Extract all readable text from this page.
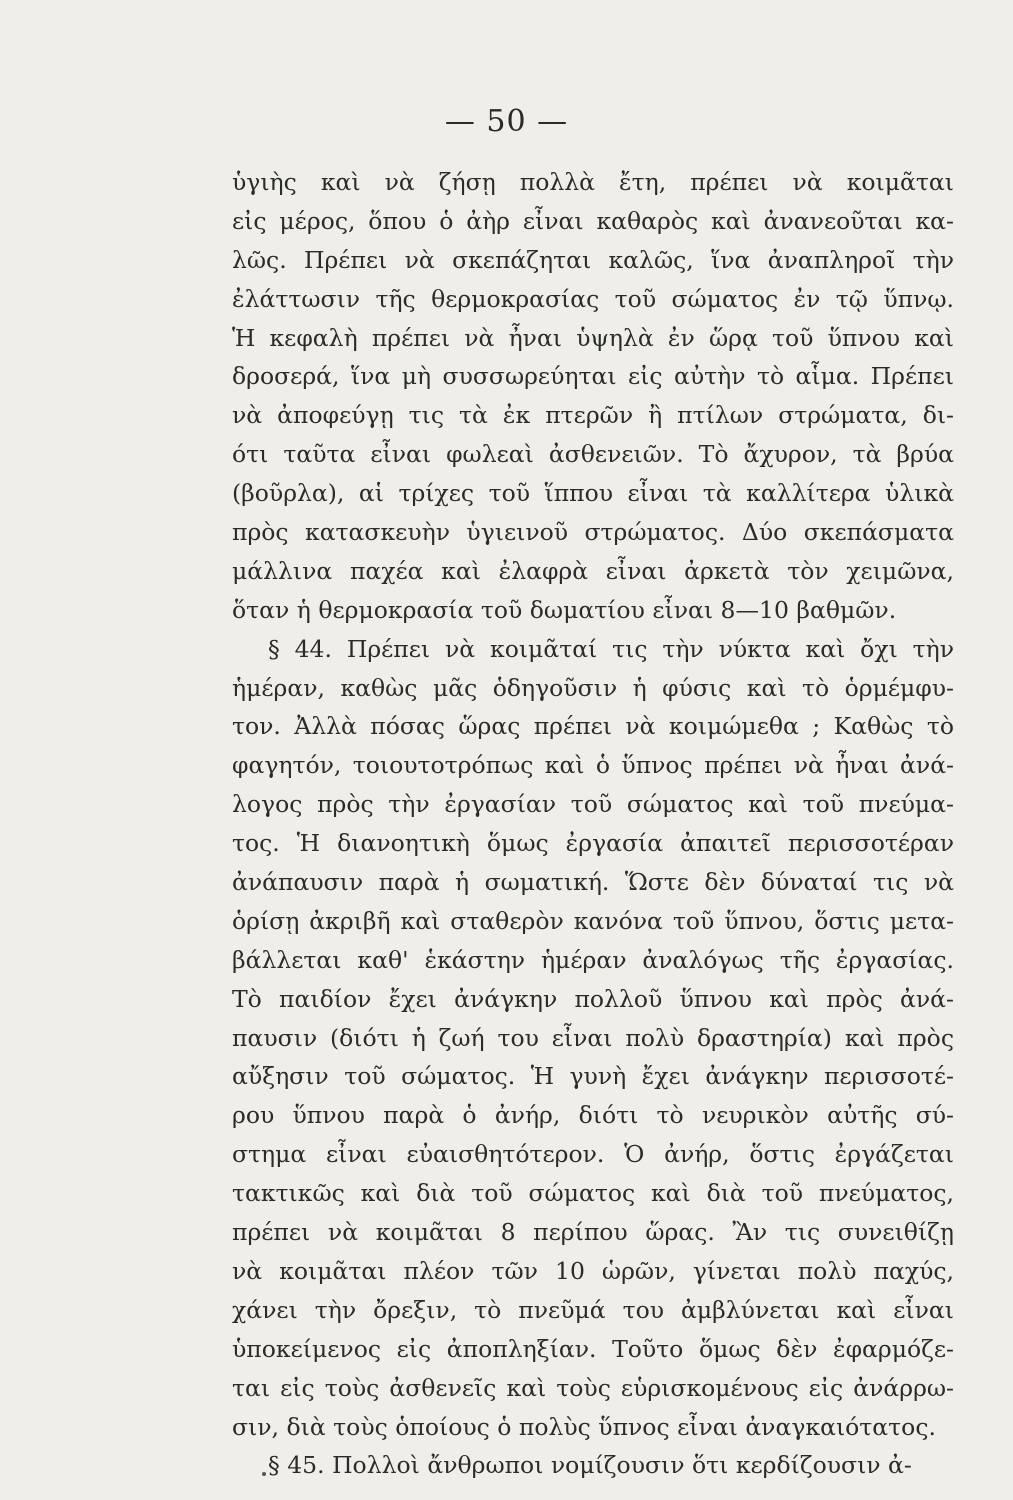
— 50 —
ὑγιὴς καὶ νὰ ζήσῃ πολλὰ ἔτη, πρέπει νὰ κοιμᾶται
εἰς μέρος, ὅπου ὁ ἀὴρ εἶναι καθαρὸς καὶ ἀνανεοῦται κα-
λῶς. Πρέπει νὰ σκεπάζηται καλῶς, ἵνα ἀναπληροῖ τὴν
ἐλάττωσιν τῆς θερμοκρασίας τοῦ σώματος ἐν τῷ ὕπνῳ.
Ἡ κεφαλὴ πρέπει νὰ ἦναι ὑψηλὰ ἐν ὥρᾳ τοῦ ὕπνου καὶ
δροσερά, ἵνα μὴ συσσωρεύηται εἰς αὐτὴν τὸ αἷμα. Πρέπει
νὰ ἀποφεύγῃ τις τὰ ἐκ πτερῶν ἢ πτίλων στρώματα, δι-
ότι ταῦτα εἶναι φωλεαὶ ἀσθενειῶν. Τὸ ἄχυρον, τὰ βρύα
(βοῦρλα), αἱ τρίχες τοῦ ἵππου εἶναι τὰ καλλίτερα ὑλικὰ
πρὸς κατασκευὴν ὑγιεινοῦ στρώματος. Δύο σκεπάσματα
μάλλινα παχέα καὶ ἐλαφρὰ εἶναι ἀρκετὰ τὸν χειμῶνα,
ὅταν ἡ θερμοκρασία τοῦ δωματίου εἶναι 8—10 βαθμῶν.
§ 44. Πρέπει νὰ κοιμᾶταί τις τὴν νύκτα καὶ ὄχι τὴν
ἡμέραν, καθὼς μᾶς ὁδηγοῦσιν ἡ φύσις καὶ τὸ ὁρμέμφυ-
τον. Ἀλλὰ πόσας ὥρας πρέπει νὰ κοιμώμεθα ; Καθὼς τὸ
φαγητόν, τοιουτοτρόπως καὶ ὁ ὕπνος πρέπει νὰ ἦναι ἀνά-
λογος πρὸς τὴν ἐργασίαν τοῦ σώματος καὶ τοῦ πνεύμα-
τος. Ἡ διανοητικὴ ὅμως ἐργασία ἀπαιτεῖ περισσοτέραν
ἀνάπαυσιν παρὰ ἡ σωματική. Ὥστε δὲν δύναταί τις νὰ
ὁρίσῃ ἀκριβῆ καὶ σταθερὸν κανόνα τοῦ ὕπνου, ὅστις μετα-
βάλλεται καθ' ἑκάστην ἡμέραν ἀναλόγως τῆς ἐργασίας.
Τὸ παιδίον ἔχει ἀνάγκην πολλοῦ ὕπνου καὶ πρὸς ἀνά-
παυσιν (διότι ἡ ζωή του εἶναι πολὺ δραστηρία) καὶ πρὸς
αὔξησιν τοῦ σώματος. Ἡ γυνὴ ἔχει ἀνάγκην περισσοτέ-
ρου ὕπνου παρὰ ὁ ἀνήρ, διότι τὸ νευρικὸν αὐτῆς σύ-
στημα εἶναι εὐαισθητότερον. Ὁ ἀνήρ, ὅστις ἐργάζεται
τακτικῶς καὶ διὰ τοῦ σώματος καὶ διὰ τοῦ πνεύματος,
πρέπει νὰ κοιμᾶται 8 περίπου ὥρας. Ἂν τις συνειθίζῃ
νὰ κοιμᾶται πλέον τῶν 10 ὡρῶν, γίνεται πολὺ παχύς,
χάνει τὴν ὄρεξιν, τὸ πνεῦμά του ἀμβλύνεται καὶ εἶναι
ὑποκείμενος εἰς ἀποπληξίαν. Τοῦτο ὅμως δὲν ἐφαρμόζε-
ται εἰς τοὺς ἀσθενεῖς καὶ τοὺς εὑρισκομένους εἰς ἀνάρρω-
σιν, διὰ τοὺς ὁποίους ὁ πολὺς ὕπνος εἶναι ἀναγκαιότατος.
§ 45. Πολλοὶ ἄνθρωποι νομίζουσιν ὅτι κερδίζουσιν ἀ-
